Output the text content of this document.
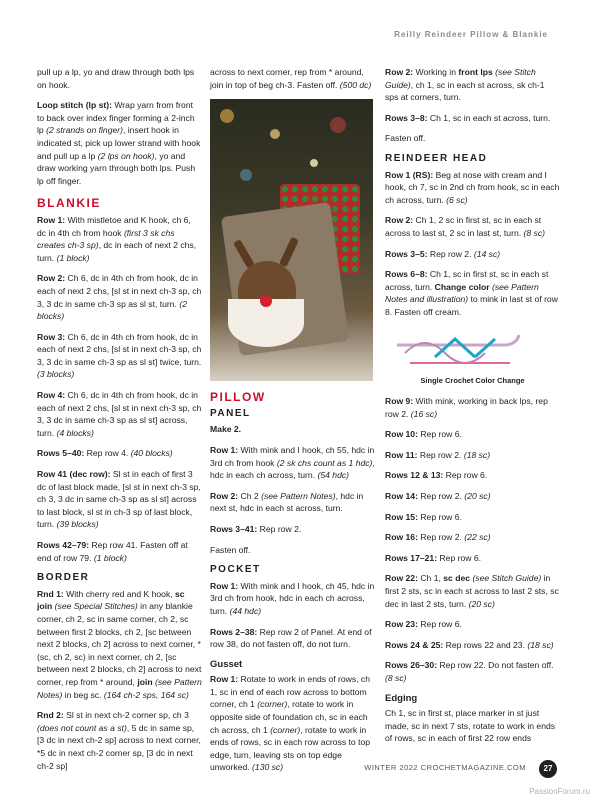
Reilly Reindeer Pillow & Blankie

pull up a lp, yo and draw through both lps on hook.

Loop stitch (lp st): Wrap yarn from front to back over index finger forming a 2-inch lp (2 strands on finger), insert hook in indicated st, pick up lower strand with hook and pull up a lp (2 lps on hook), yo and draw working yarn through both lps. Push lp off finger.

BLANKIE

Row 1: With mistletoe and K hook, ch 6, dc in 4th ch from hook (first 3 sk chs creates ch-3 sp), dc in each of next 2 chs, turn. (1 block)

Row 2: Ch 6, dc in 4th ch from hook, dc in each of next 2 chs, [sl st in next ch-3 sp, ch 3, 3 dc in same ch-3 sp as sl st, turn. (2 blocks)

Row 3: Ch 6, dc in 4th ch from hook, dc in each of next 2 chs, [sl st in next ch-3 sp, ch 3, 3 dc in same ch-3 sp as sl st] twice, turn. (3 blocks)

Row 4: Ch 6, dc in 4th ch from hook, dc in each of next 2 chs, [sl st in next ch-3 sp, ch 3, 3 dc in same ch-3 sp as sl st] across, turn. (4 blocks)

Rows 5–40: Rep row 4. (40 blocks)

Row 41 (dec row): Sl st in each of first 3 dc of last block made, [sl st in next ch-3 sp, ch 3, 3 dc in same ch-3 sp as sl st] across to last block, sl st in ch-3 sp of last block, turn. (39 blocks)

Rows 42–79: Rep row 41. Fasten off at end of row 79. (1 block)

BORDER

Rnd 1: With cherry red and K hook, sc join (see Special Stitches) in any blankie corner, ch 2, sc in same corner, ch 2, sc between first 2 blocks, ch 2, [sc between next 2 blocks, ch 2] across to next corner, *(sc, ch 2, sc) in next corner, ch 2, [sc between next 2 blocks, ch 2] across to next corner, rep from * around, join (see Pattern Notes) in beg sc. (164 ch-2 sps, 164 sc)

Rnd 2: Sl st in next ch-2 corner sp, ch 3 (does not count as a st), 5 dc in same sp, [3 dc in next ch-2 sp] across to next corner, *5 dc in next ch-2 corner sp, [3 dc in next ch-2 sp]

across to next corner, rep from * around, join in top of beg ch-3. Fasten off. (500 dc)

PILLOW
PANEL

Make 2.

Row 1: With mink and I hook, ch 55, hdc in 3rd ch from hook (2 sk chs count as 1 hdc), hdc in each ch across, turn. (54 hdc)

Row 2: Ch 2 (see Pattern Notes), hdc in next st, hdc in each st across, turn.

Rows 3–41: Rep row 2.

Fasten off.

POCKET

Row 1: With mink and I hook, ch 45, hdc in 3rd ch from hook, hdc in each ch across, turn. (44 hdc)

Rows 2–38: Rep row 2 of Panel. At end of row 38, do not fasten off, do not turn.

Gusset

Row 1: Rotate to work in ends of rows, ch 1, sc in end of each row across to bottom corner, ch 1 (corner), rotate to work in opposite side of foundation ch, sc in each ch across, ch 1 (corner), rotate to work in ends of rows, sc in each row across to top edge, turn, leaving sts on top edge unworked. (130 sc)

Row 2: Working in front lps (see Stitch Guide), ch 1, sc in each st across, sk ch-1 sps at corners, turn.

Rows 3–8: Ch 1, sc in each st across, turn.

Fasten off.

REINDEER HEAD

Row 1 (RS): Beg at nose with cream and I hook, ch 7, sc in 2nd ch from hook, sc in each ch across, turn. (6 sc)

Row 2: Ch 1, 2 sc in first st, sc in each st across to last st, 2 sc in last st, turn. (8 sc)

Rows 3–5: Rep row 2. (14 sc)

Rows 6–8: Ch 1, sc in first st, sc in each st across, turn. Change color (see Pattern Notes and illustration) to mink in last st of row 8. Fasten off cream.

Single Crochet Color Change

Row 9: With mink, working in back lps, rep row 2. (16 sc)

Row 10: Rep row 6.

Row 11: Rep row 2. (18 sc)

Rows 12 & 13: Rep row 6.

Row 14: Rep row 2. (20 sc)

Row 15: Rep row 6.

Row 16: Rep row 2. (22 sc)

Rows 17–21: Rep row 6.

Row 22: Ch 1, sc dec (see Stitch Guide) in first 2 sts, sc in each st across to last 2 sts, sc dec in last 2 sts, turn. (20 sc)

Row 23: Rep row 6.

Rows 24 & 25: Rep rows 22 and 23. (18 sc)

Rows 26–30: Rep row 22. Do not fasten off. (8 sc)

Edging

Ch 1, sc in first st, place marker in st just made, sc in next 7 sts, rotate to work in ends of rows, sc in each of first 22 row ends

WINTER 2022 CROCHETMAGAZINE.COM	27
PassionForum.ru
